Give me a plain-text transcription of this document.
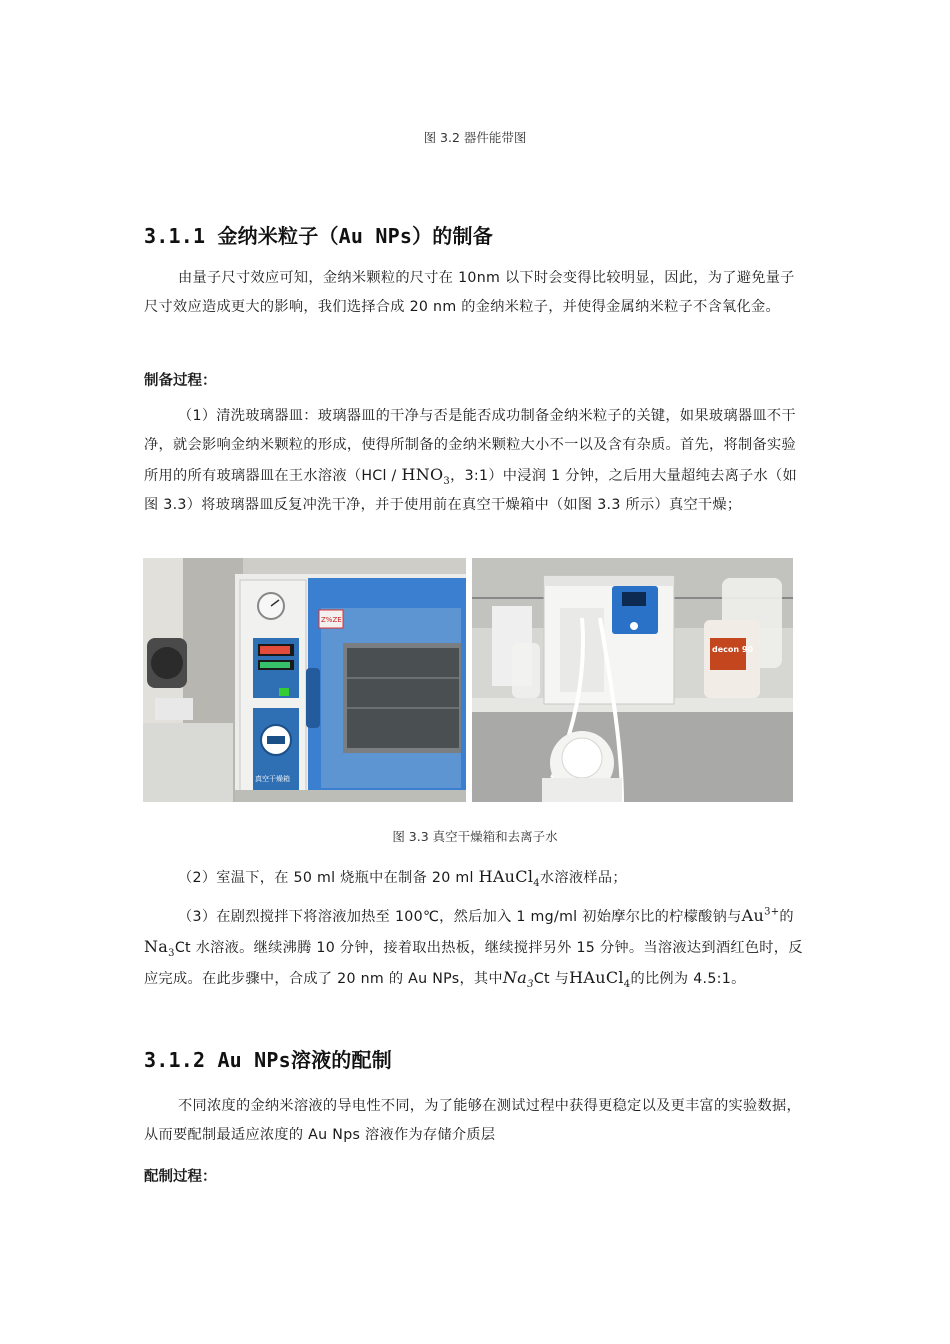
图 3.2 器件能带图
3.1.1 金纳米粒子（Au NPs）的制备

由量子尺寸效应可知，金纳米颗粒的尺寸在 10nm 以下时会变得比较明显，因此，为了避免量子尺寸效应造成更大的影响，我们选择合成 20 nm 的金纳米粒子，并使得金属纳米粒子不含氧化金。

制备过程：

（1）清洗玻璃器皿：玻璃器皿的干净与否是能否成功制备金纳米粒子的关键，如果玻璃器皿不干净，就会影响金纳米颗粒的形成，使得所制备的金纳米颗粒大小不一以及含有杂质。首先，将制备实验所用的所有玻璃器皿在王水溶液（$HCl / HNO_3$，3:1）中浸润 1 分钟，之后用大量超纯去离子水（如图 3.3）将玻璃器皿反复冲洗干净，并于使用前在真空干燥箱中（如图 3.3 所示）真空干燥；

真空干燥箱
Z%ZE
decon 90
图 3.3 真空干燥箱和去离子水

（2）室温下，在 50 ml 烧瓶中在制备 20 ml HAuCl$_4$水溶液样品；

（3）在剧烈搅拌下将溶液加热至 100℃，然后加入 1 mg/ml 初始摩尔比的柠檬酸钠与$Au^{3+}$的$Na_3Ct$ 水溶液。继续沸腾 10 分钟，接着取出热板，继续搅拌另外 15 分钟。当溶液达到酒红色时，反应完成。在此步骤中，合成了 20 nm 的 Au NPs，其中$Na_3Ct$ 与HAuCl$_4$的比例为 4.5:1。

3.1.2 Au NPs溶液的配制

不同浓度的金纳米溶液的导电性不同，为了能够在测试过程中获得更稳定以及更丰富的实验数据，从而要配制最适应浓度的 Au Nps 溶液作为存储介质层

配制过程：
